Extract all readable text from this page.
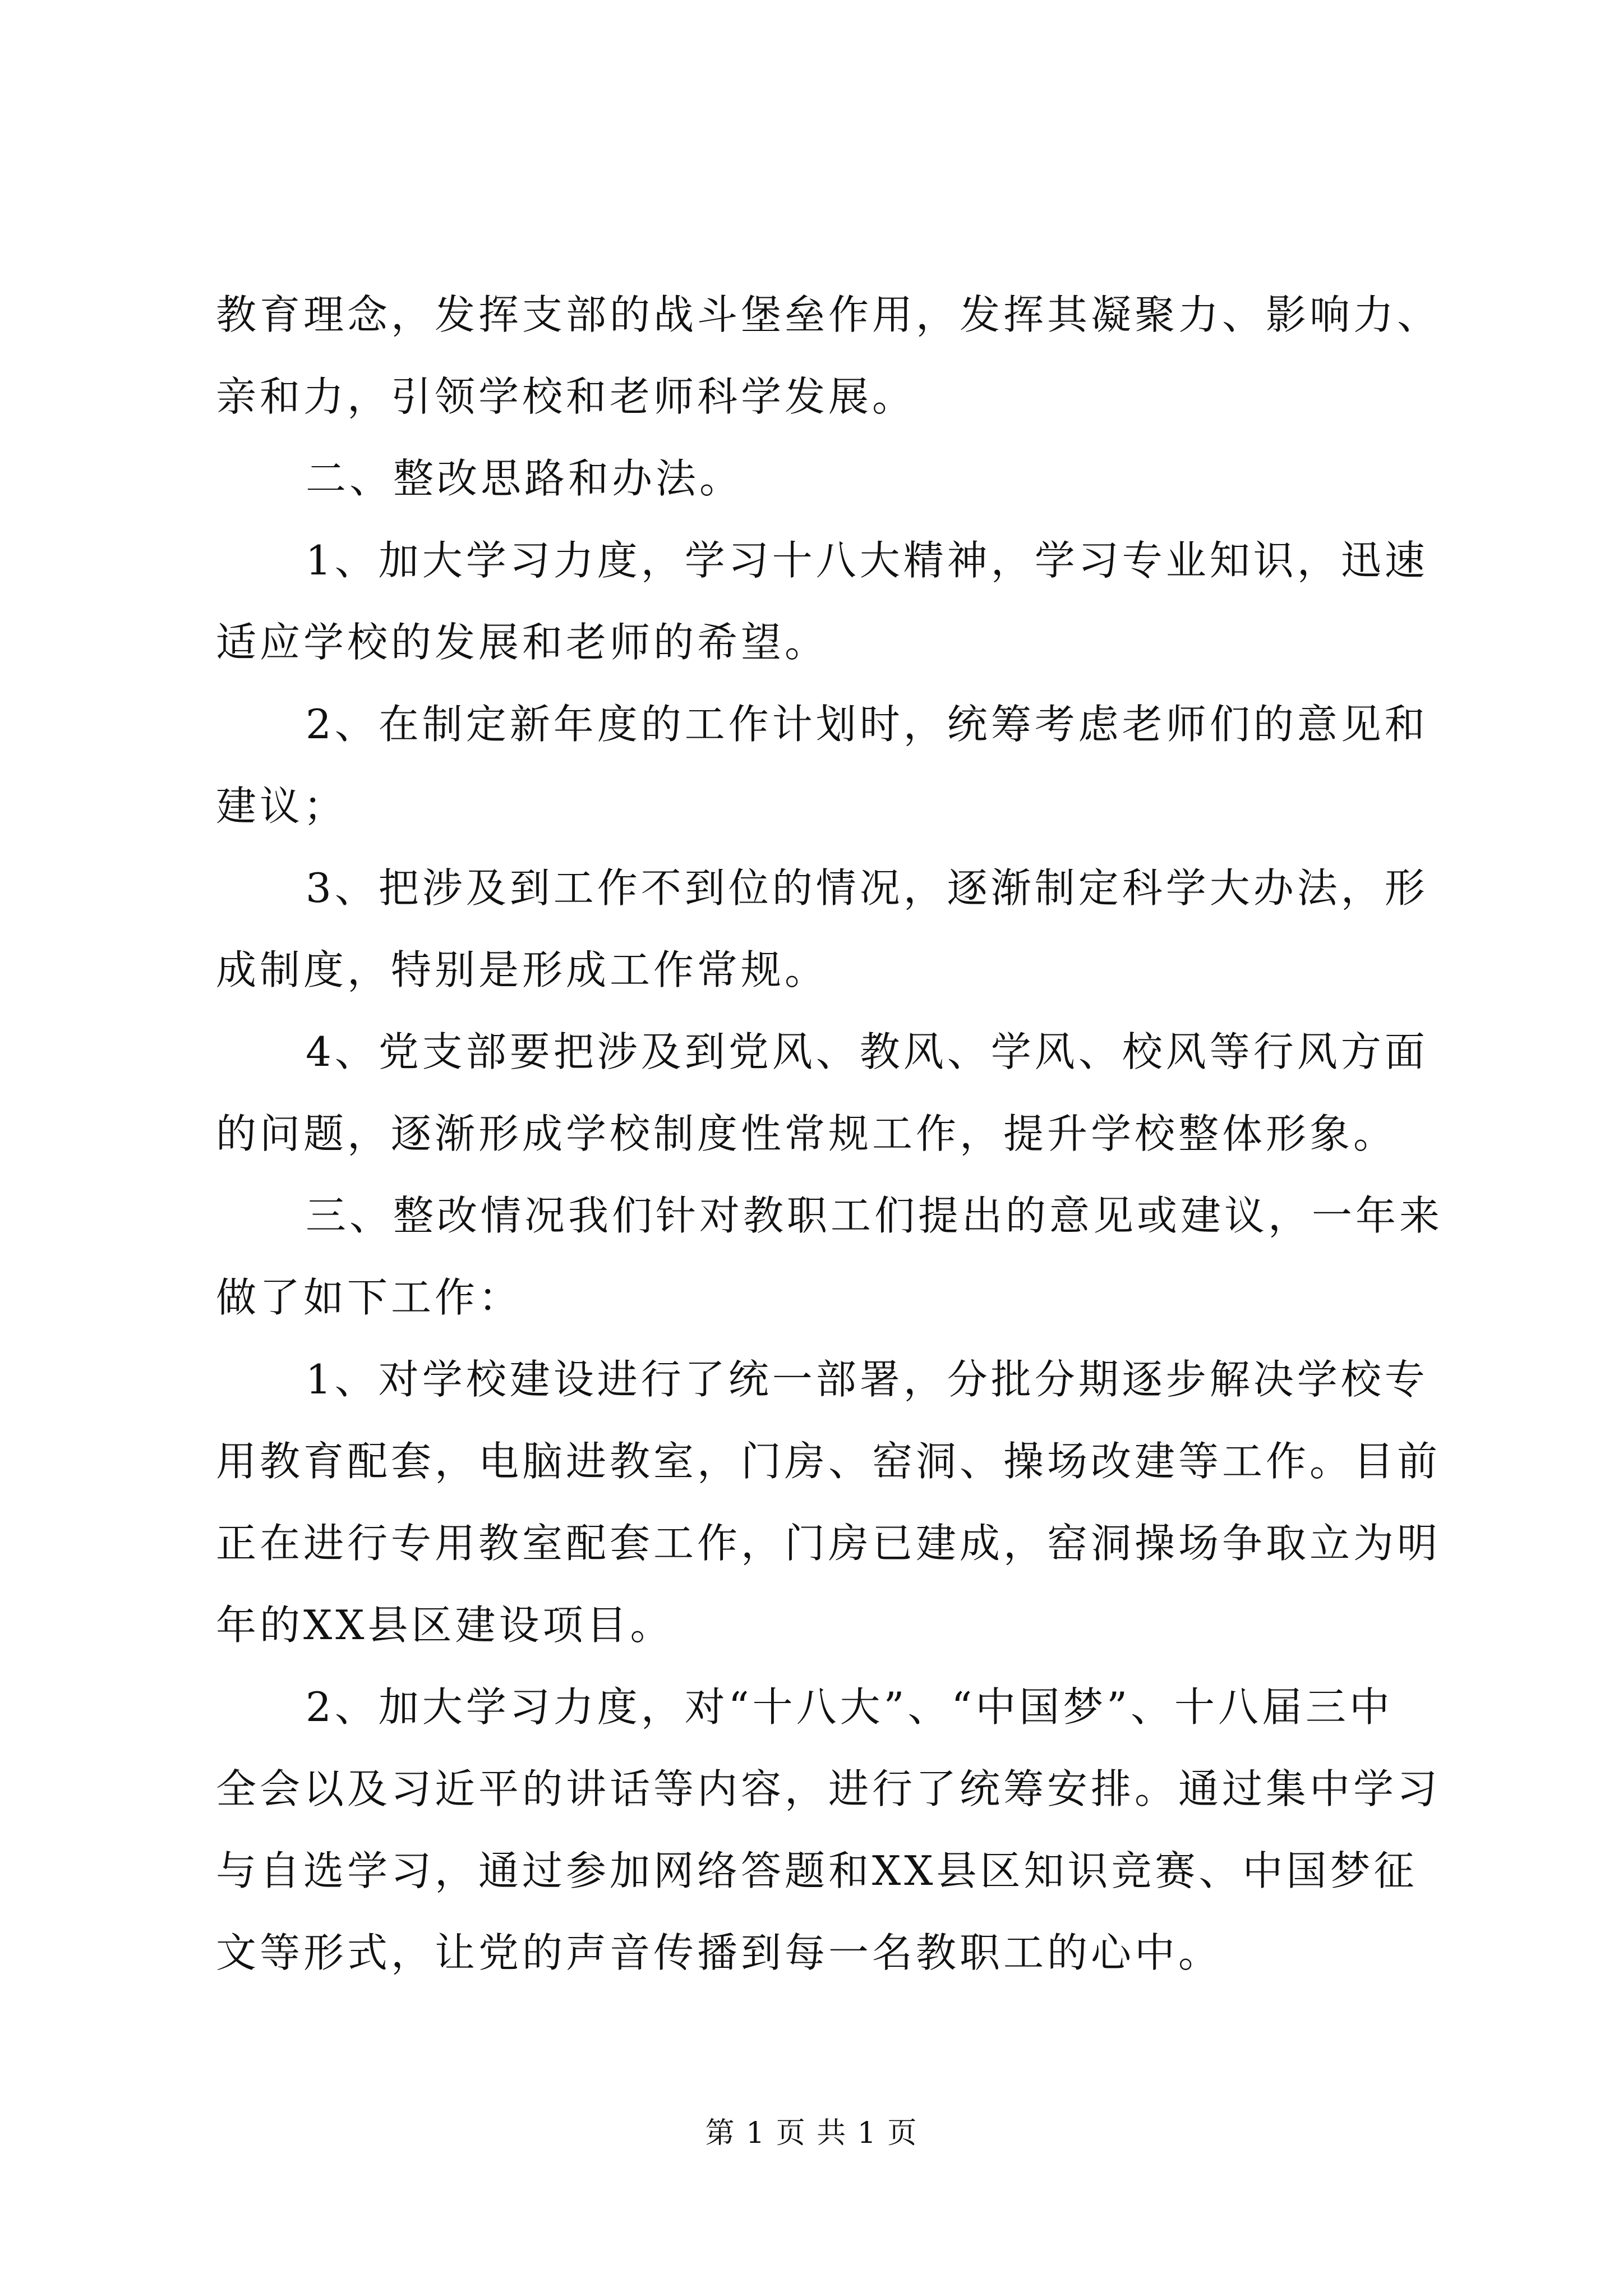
教育理念，发挥支部的战斗堡垒作用，发挥其凝聚力、影响力、
亲和力，引领学校和老师科学发展。
二、整改思路和办法。
1、加大学习力度，学习十八大精神，学习专业知识，迅速
适应学校的发展和老师的希望。
2、在制定新年度的工作计划时，统筹考虑老师们的意见和
建议；
3、把涉及到工作不到位的情况，逐渐制定科学大办法，形
成制度，特别是形成工作常规。
4、党支部要把涉及到党风、教风、学风、校风等行风方面
的问题，逐渐形成学校制度性常规工作，提升学校整体形象。
三、整改情况我们针对教职工们提出的意见或建议，一年来
做了如下工作：
1、对学校建设进行了统一部署，分批分期逐步解决学校专
用教育配套，电脑进教室，门房、窑洞、操场改建等工作。目前
正在进行专用教室配套工作，门房已建成，窑洞操场争取立为明
年的XX县区建设项目。
2、加大学习力度，对“十八大”、“中国梦”、十八届三中
全会以及习近平的讲话等内容，进行了统筹安排。通过集中学习
与自选学习，通过参加网络答题和XX县区知识竞赛、中国梦征
文等形式，让党的声音传播到每一名教职工的心中。
第 1 页 共 1 页
